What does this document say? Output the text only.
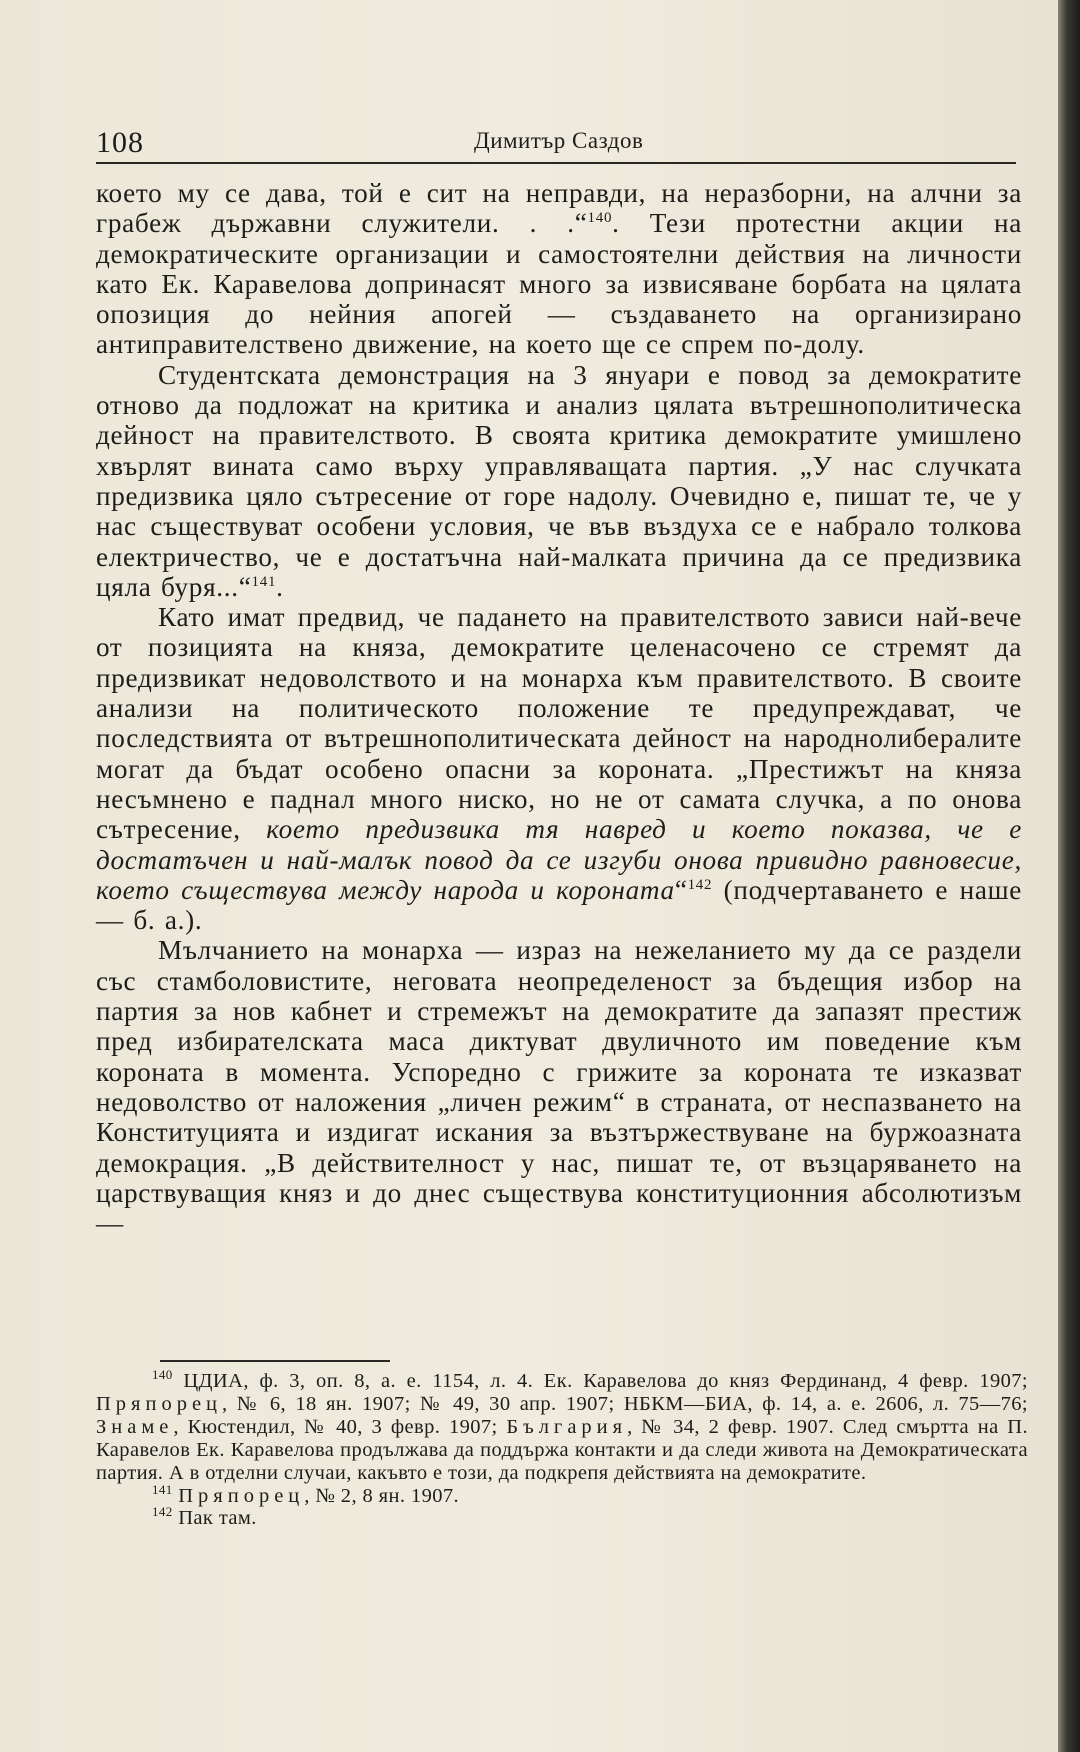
108	Димитър Саздов

което му се дава, той е сит на неправди, на неразборни, на алчни за грабеж държавни служители. . .“$^{140}$. Тези протестни акции на демократическите организации и самостоятелни действия на личности като Ек. Каравелова допринасят много за извисяване борбата на цялата опозиция до нейния апогей — създаването на организирано антиправителствено движение, на което ще се спрем по-долу.

Студентската демонстрация на 3 януари е повод за демократите отново да подложат на критика и анализ цялата вътрешнополитическа дейност на правителството. В своята критика демократите умишлено хвърлят вината само върху управляващата партия. „У нас случката предизвика цяло сътресение от горе надолу. Очевидно е, пишат те, че у нас съществуват особени условия, че във въздуха се е набрало толкова електричество, че е достатъчна най-малката причина да се предизвика цяла буря...“$^{141}$.

Като имат предвид, че падането на правителството зависи най-вече от позицията на княза, демократите целенасочено се стремят да предизвикат недоволството и на монарха към правителството. В своите анализи на политическото положение те предупреждават, че последствията от вътрешнополитическата дейност на народнолибералите могат да бъдат особено опасни за короната. „Престижът на княза несъмнено е паднал много ниско, но не от самата случка, а по онова сътресение, което предизвика тя навред и което показва, че е достатъчен и най-малък повод да се изгуби онова привидно равновесие, което съществува между народа и короната“$^{142}$ (подчертаването е наше — б. а.).

Мълчанието на монарха — израз на нежеланието му да се раздели със стамболовистите, неговата неопределеност за бъдещия избор на партия за нов кабнет и стремежът на демократите да запазят престиж пред избирателската маса диктуват двуличното им поведение към короната в момента. Успоредно с грижите за короната те изказват недоволство от наложения „личен режим“ в страната, от неспазването на Конституцията и издигат искания за възтържествуване на буржоазната демокрация. „В действителност у нас, пишат те, от възцаряването на царствуващия княз и до днес съществува конституционния абсолютизъм —

$^{140}$ ЦДИА, ф. 3, оп. 8, а. е. 1154, л. 4. Ек. Каравелова до княз Фердинанд, 4 февр. 1907; Пряпорец, № 6, 18 ян. 1907; № 49, 30 апр. 1907; НБКМ—БИА, ф. 14, а. е. 2606, л. 75—76; Знаме, Кюстендил, № 40, 3 февр. 1907; България, № 34, 2 февр. 1907. След смъртта на П. Каравелов Ек. Каравелова продължава да поддържа контакти и да следи живота на Демократическата партия. А в отделни случаи, какъвто е този, да подкрепя действията на демократите.

$^{141}$ Пряпорец, № 2, 8 ян. 1907.

$^{142}$ Пак там.
